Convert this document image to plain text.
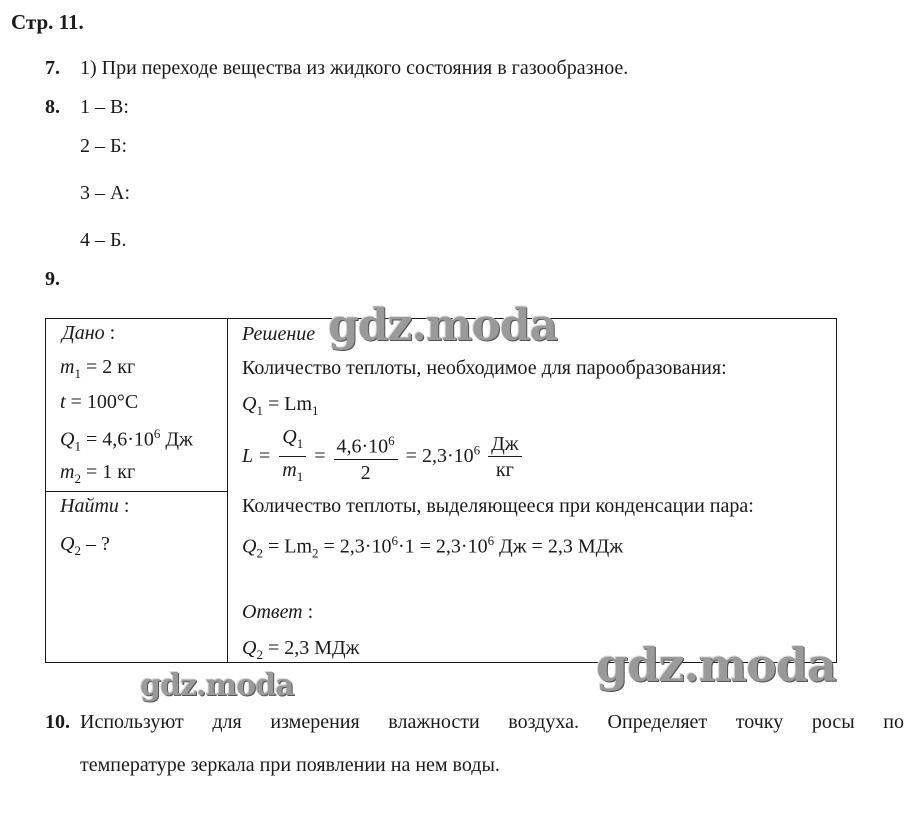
Стр. 11.
7. 1) При переходе вещества из жидкого состояния в газообразное.
8. 1 – В:
2 – Б:
3 – А:
4 – Б.
9.
Дано :
$m_1 = 2$ кг
t = 100°С
$Q_1 = 4,6\cdot 10^6$ Дж
$m_2 = 1$ кг
Найти :
$Q_2$ – ?
Решение
Количество теплоты, необходимое для парообразования:
$Q_1 = Lm_1$
$L = \frac{Q_1}{m_1} = \frac{4,6\cdot 10^6}{2} = 2,3\cdot 10^6 \frac{Дж}{кг}$
Количество теплоты, выделяющееся при конденсации пара:
$Q_2 = Lm_2 = 2,3\cdot 10^6\cdot 1 = 2,3\cdot 10^6$ Дж = 2,3 МДж
Ответ :
$Q_2 = 2,3$ МДж
gdz.moda
gdz.moda
gdz.moda
10. Используют для измерения влажности воздуха. Определяет точку росы по
температуре зеркала при появлении на нем воды.
